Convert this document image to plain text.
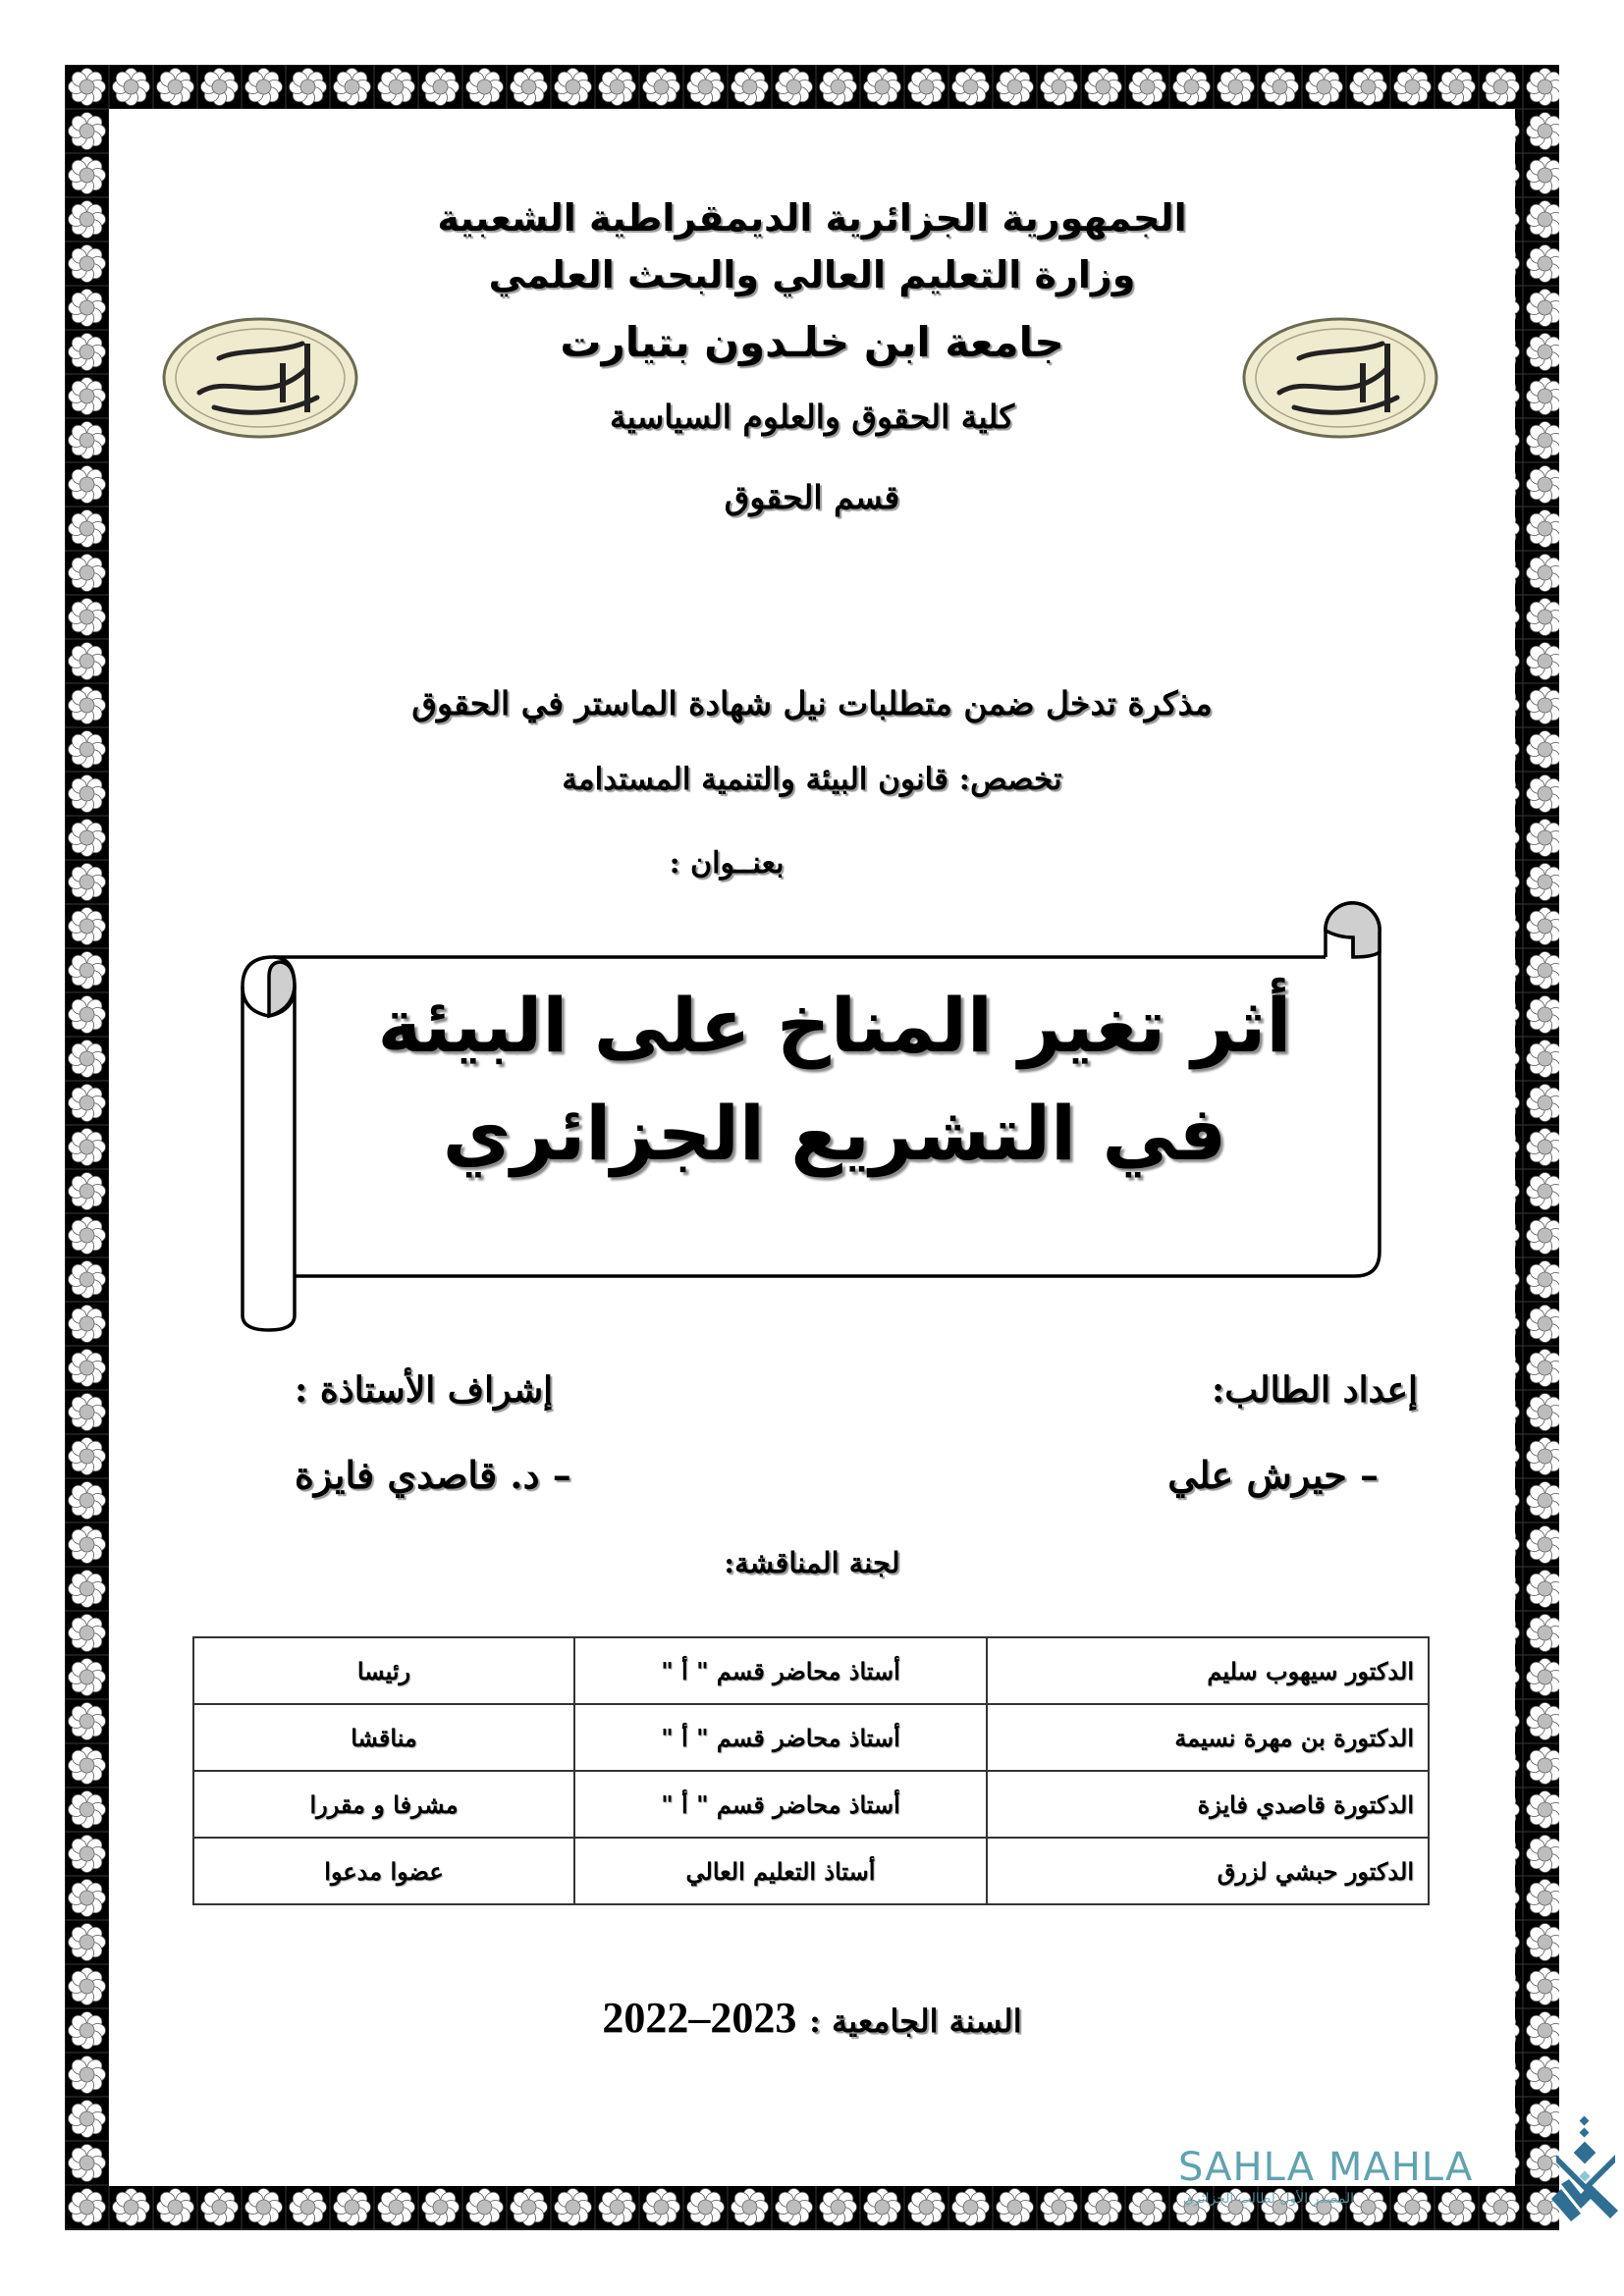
الجمهورية الجزائرية الديمقراطية الشعبية
وزارة التعليم العالي والبحث العلمي
جامعة ابن خلـدون بتيارت
كلية الحقوق والعلوم السياسية
قسم الحقوق
مذكرة تدخل ضمن متطلبات نيل شهادة الماستر في الحقوق
تخصص: قانون البيئة والتنمية المستدامة
بعنــوان :
أثر تغير المناخ على البيئة
في التشريع الجزائري
إعداد الطالب:
إشراف الأستاذة :
– حيرش علي
– د. قاصدي فايزة
لجنة المناقشة:
الدكتور سيهوب سليم	أستاذ محاضر قسم " أ "	رئيسا
الدكتورة بن مهرة نسيمة	أستاذ محاضر قسم " أ "	مناقشا
الدكتورة قاصدي فايزة	أستاذ محاضر قسم " أ "	مشرفا و مقررا
الدكتور حبشي لزرق	أستاذ التعليم العالي	عضوا مدعوا
السنة الجامعية : 2022–2023
SAHLA MAHLA
المصدر الأول لطالب الجزائري
